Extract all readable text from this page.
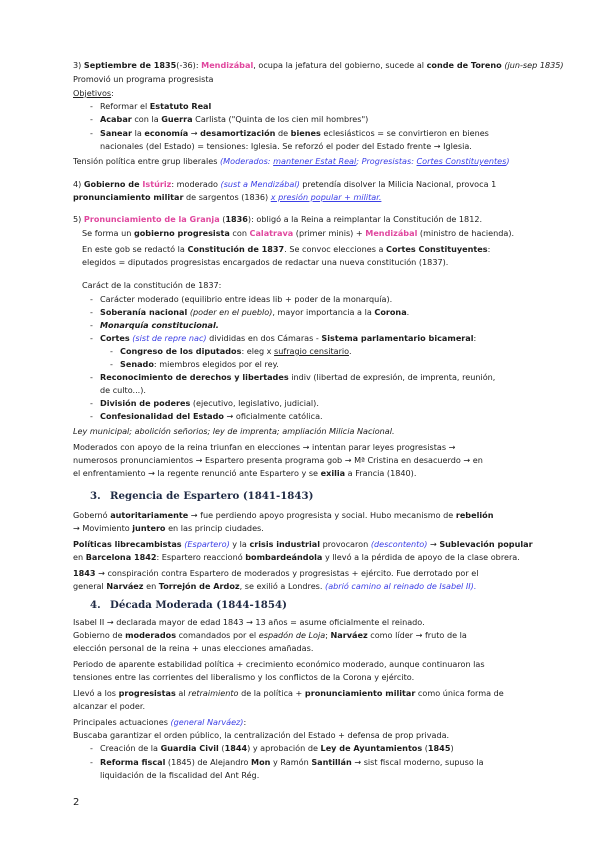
3) Septiembre de 1835(-36): Mendizábal, ocupa la jefatura del gobierno, sucede al conde de Toreno (jun-sep 1835)
Promovió un programa progresista
Objetivos:
- Reformar el Estatuto Real
- Acabar con la Guerra Carlista ("Quinta de los cien mil hombres")
- Sanear la economía → desamortización de bienes eclesiásticos = se convirtieron en bienes
nacionales (del Estado) = tensiones: Iglesia. Se reforzó el poder del Estado frente → Iglesia.
Tensión política entre grup liberales (Moderados: mantener Estat Real; Progresistas: Cortes Constituyentes)
4) Gobierno de Istúriz: moderado (sust a Mendizábal) pretendía disolver la Milicia Nacional, provoca 1
pronunciamiento militar de sargentos (1836) x presión popular + militar.
5) Pronunciamiento de la Granja (1836): obligó a la Reina a reimplantar la Constitución de 1812.
Se forma un gobierno progresista con Calatrava (primer minis) + Mendizábal (ministro de hacienda).
En este gob se redactó la Constitución de 1837. Se convoc elecciones a Cortes Constituyentes:
elegidos = diputados progresistas encargados de redactar una nueva constitución (1837).
Caráct de la constitución de 1837:
- Carácter moderado (equilibrio entre ideas lib + poder de la monarquía).
- Soberanía nacional (poder en el pueblo), mayor importancia a la Corona.
- Monarquía constitucional.
- Cortes (sist de repre nac) divididas en dos Cámaras - Sistema parlamentario bicameral:
- Congreso de los diputados: eleg x sufragio censitario.
- Senado: miembros elegidos por el rey.
- Reconocimiento de derechos y libertades indiv (libertad de expresión, de imprenta, reunión,
de culto...).
- División de poderes (ejecutivo, legislativo, judicial).
- Confesionalidad del Estado → oficialmente católica.
Ley municipal; abolición señorios; ley de imprenta; ampliación Milicia Nacional.
Moderados con apoyo de la reina triunfan en elecciones → intentan parar leyes progresistas →
numerosos pronunciamientos → Espartero presenta programa gob → Mª Cristina en desacuerdo → en
el enfrentamiento → la regente renunció ante Espartero y se exilia a Francia (1840).
3. Regencia de Espartero (1841-1843)
Gobernó autoritariamente → fue perdiendo apoyo progresista y social. Hubo mecanismo de rebelión
→ Movimiento juntero en las princip ciudades.
Políticas librecambistas (Espartero) y la crisis industrial provocaron (descontento) → Sublevación popular
en Barcelona 1842: Espartero reaccionó bombardeándola y llevó a la pérdida de apoyo de la clase obrera.
1843 → conspiración contra Espartero de moderados y progresistas + ejército. Fue derrotado por el
general Narváez en Torrejón de Ardoz, se exilió a Londres. (abrió camino al reinado de Isabel II).
4. Década Moderada (1844-1854)
Isabel II → declarada mayor de edad 1843 → 13 años = asume oficialmente el reinado.
Gobierno de moderados comandados por el espadón de Loja; Narváez como líder → fruto de la
elección personal de la reina + unas elecciones amañadas.
Periodo de aparente estabilidad política + crecimiento económico moderado, aunque continuaron las
tensiones entre las corrientes del liberalismo y los conflictos de la Corona y ejército.
Llevó a los progresistas al retraimiento de la política + pronunciamiento militar como única forma de
alcanzar el poder.
Principales actuaciones (general Narváez):
Buscaba garantizar el orden público, la centralización del Estado + defensa de prop privada.
- Creación de la Guardia Civil (1844) y aprobación de Ley de Ayuntamientos (1845)
- Reforma fiscal (1845) de Alejandro Mon y Ramón Santillán → sist fiscal moderno, supuso la
liquidación de la fiscalidad del Ant Rég.
2
